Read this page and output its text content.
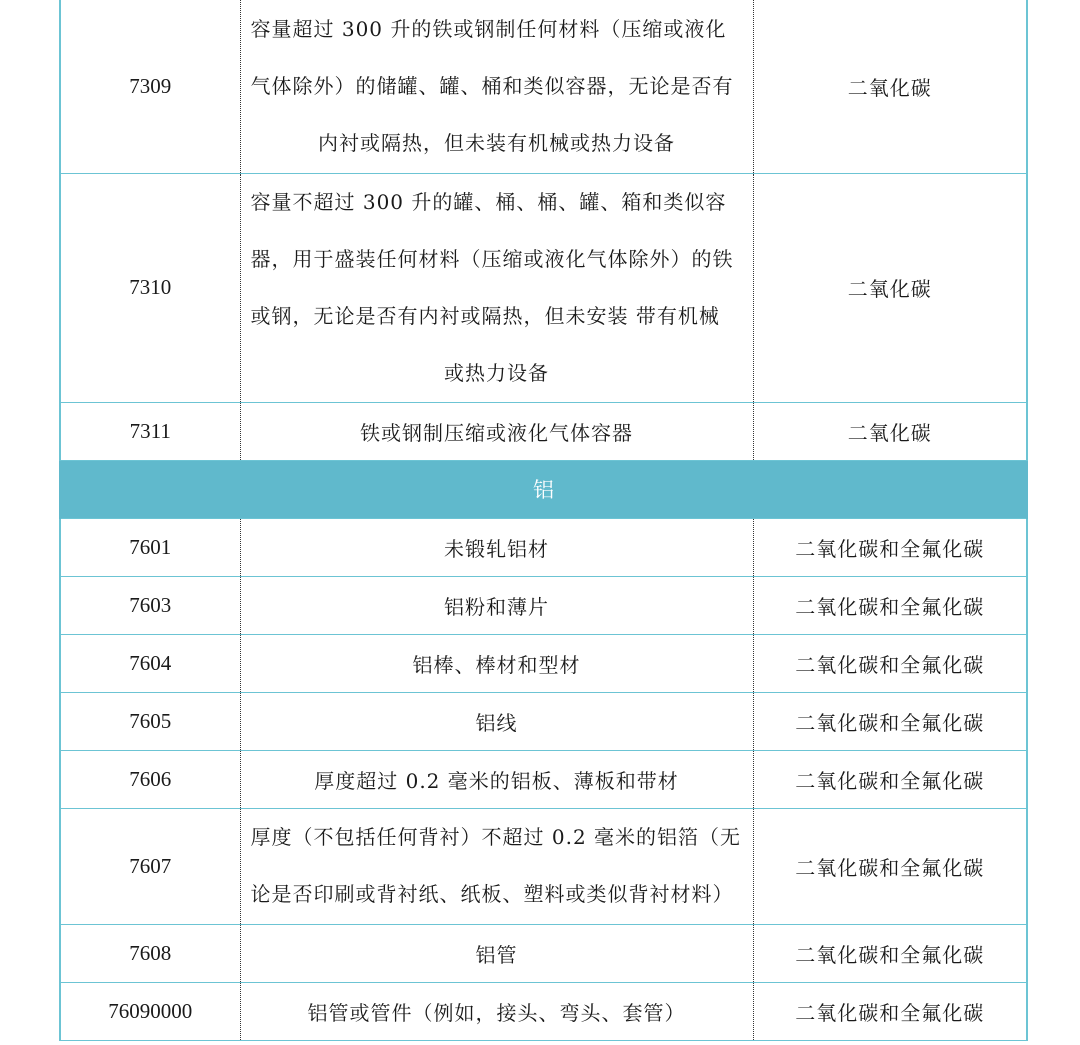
7309	容量超过 300 升的铁或钢制任何材料（压缩或液化
气体除外）的储罐、罐、桶和类似容器，无论是否有
内衬或隔热，但未装有机械或热力设备	二氧化碳
7310	容量不超过 300 升的罐、桶、桶、罐、箱和类似容
器，用于盛装任何材料（压缩或液化气体除外）的铁
或钢，无论是否有内衬或隔热，但未安装 带有机械
或热力设备	二氧化碳
7311	铁或钢制压缩或液化气体容器	二氧化碳
铝		
7601	未锻轧铝材	二氧化碳和全氟化碳
7603	铝粉和薄片	二氧化碳和全氟化碳
7604	铝棒、棒材和型材	二氧化碳和全氟化碳
7605	铝线	二氧化碳和全氟化碳
7606	厚度超过 0.2 毫米的铝板、薄板和带材	二氧化碳和全氟化碳
7607	厚度（不包括任何背衬）不超过 0.2 毫米的铝箔（无
论是否印刷或背衬纸、纸板、塑料或类似背衬材料）	二氧化碳和全氟化碳
7608	铝管	二氧化碳和全氟化碳
76090000	铝管或管件（例如，接头、弯头、套管）	二氧化碳和全氟化碳
